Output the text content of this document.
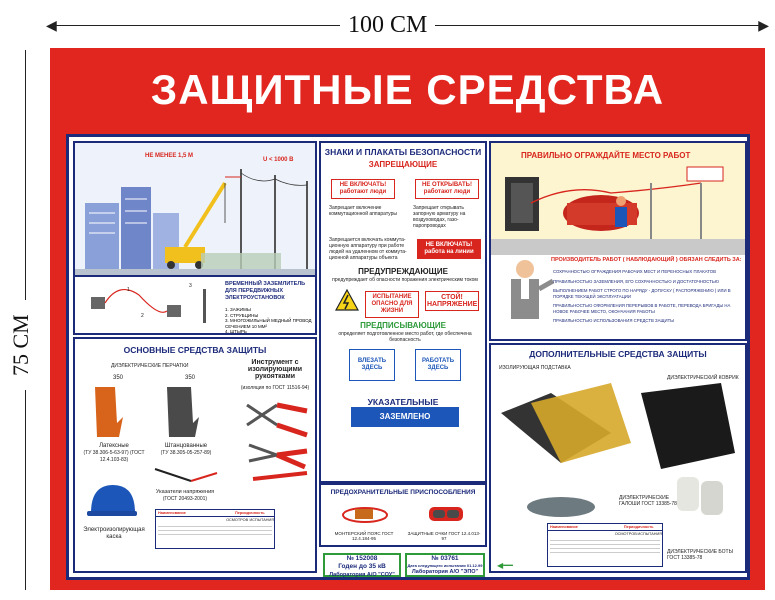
◀	▶
100 СМ
75 СМ
ЗАЩИТНЫЕ СРЕДСТВА
НЕ МЕНЕЕ 1,5 М
U < 1000 В
1
2
3	ВРЕМЕННЫЙ ЗАЗЕМЛИТЕЛЬ ДЛЯ ПЕРЕДВИЖНЫХ ЭЛЕКТРОУСТАНОВОК
1. ЗАЖИМЫ
2. СТРУБЦИНЫ
3. МНОГОЖИЛЬНЫЙ МЕДНЫЙ ПРОВОД СЕЧЕНИЕМ 10 ММ²
4. ШТЫРЬ
ЗНАКИ И ПЛАКАТЫ БЕЗОПАСНОСТИ
ЗАПРЕЩАЮЩИЕ
НЕ ВКЛЮЧАТЬ! работают люди
НЕ ОТКРЫВАТЬ! работают люди
Запрещает включение коммутационной аппаратуры
Запрещает открывать запорную арматуру на воздуховодах, газо- паропроводах
Запрещается включать коммута- ционную аппаратуру при работе людей на удаленном от коммута- ционной аппаратуры объекта
НЕ ВКЛЮЧАТЬ! работа на линии
ПРЕДУПРЕЖДАЮЩИЕ
предупреждает об опасности поражения электрическим током
ИСПЫТАНИЕ ОПАСНО ДЛЯ ЖИЗНИ
СТОЙ! НАПРЯЖЕНИЕ
ПРЕДПИСЫВАЮЩИЕ
определяет подготовленное место работ, где обеспечена безопасность
ВЛЕЗАТЬ ЗДЕСЬ
РАБОТАТЬ ЗДЕСЬ
УКАЗАТЕЛЬНЫЕ
ЗАЗЕМЛЕНО
ПРЕДОХРАНИТЕЛЬНЫЕ ПРИСПОСОБЛЕНИЯ
МОНТЕРСКИЙ ПОЯС ГОСТ 12.4.184-95
ЗАЩИТНЫЕ ОЧКИ ГОСТ 12.4.013-97
№ 152008
Годен до 35 кВ
Лаборатория А/О "СОУ"
№ 03761
Дата следующего испытания 01.12.99
Лаборатория А/О "ЭПО"
ПРАВИЛЬНО ОГРАЖДАЙТЕ МЕСТО РАБОТ
ПРОИЗВОДИТЕЛЬ РАБОТ ( НАБЛЮДАЮЩИЙ ) ОБЯЗАН СЛЕДИТЬ ЗА:
СОХРАННОСТЬЮ ОГРАЖДЕНИЯ РАБОЧИХ МЕСТ И ПЕРЕНОСНЫХ ПЛАКАТОВ
ПРАВИЛЬНОСТЬЮ ЗАЗЕМЛЕНИЯ, ЕГО СОХРАННОСТЬЮ И ДОСТАТОЧНОСТЬЮ
ВЫПОЛНЕНИЕМ РАБОТ СТРОГО ПО НАРЯДУ - ДОПУСКУ ( РАСПОРЯЖЕНИЮ ) ИЛИ В ПОРЯДКЕ ТЕКУЩЕЙ ЭКСПЛУАТАЦИИ
ПРАВИЛЬНОСТЬЮ ОФОРМЛЕНИЯ ПЕРЕРЫВОВ В РАБОТЕ, ПЕРЕВОДА БРИГАДЫ НА НОВОЕ РАБОЧЕЕ МЕСТО, ОКОНЧАНИЯ РАБОТЫ
ПРАВИЛЬНОСТЬЮ ИСПОЛЬЗОВАНИЯ СРЕДСТВ ЗАЩИТЫ
ОСНОВНЫЕ СРЕДСТВА ЗАЩИТЫ
ДИЭЛЕКТРИЧЕСКИЕ ПЕРЧАТКИ
350	350
Латексные
(ТУ 38.306-5-63-97) (ГОСТ 12.4.103-83)
Штанцованные
(ТУ 38.305-05-257-89)
Инструмент с изолирующими рукоятками
(изоляция по ГОСТ 11516-94)
Указатели напряжения
(ГОСТ 20493-2001)
Электроизолирующая каска
Наименование	Периодичность
ОСМОТРОВ ИСПЫТАНИЯ
ДОПОЛНИТЕЛЬНЫЕ СРЕДСТВА ЗАЩИТЫ
ИЗОЛИРУЮЩАЯ ПОДСТАВКА
ДИЭЛЕКТРИЧЕСКИЙ КОВРИК
ДИЭЛЕКТРИЧЕСКИЕ ГАЛОШИ ГОСТ 13385-78
ДИЭЛЕКТРИЧЕСКИЕ БОТЫ ГОСТ 13385-78
Наименование	Периодичность
ОСМОТРОВ ИСПЫТАНИЯ
◀━━
